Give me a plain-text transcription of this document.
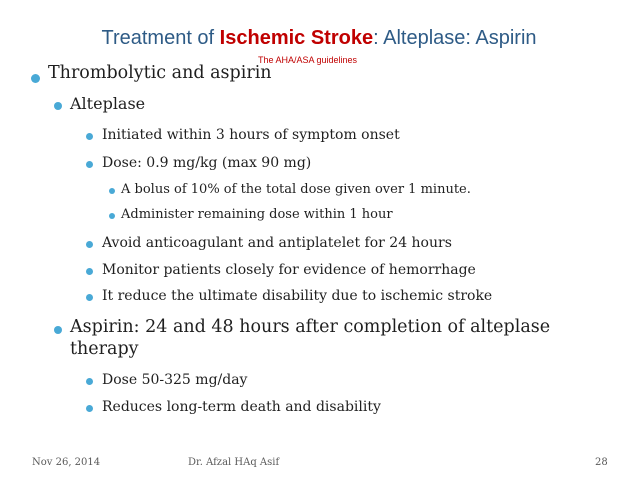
Treatment of Ischemic Stroke: Alteplase: Aspirin
The AHA/ASA guidelines
Thrombolytic and aspirin
Alteplase
Initiated within 3 hours of symptom onset
Dose: 0.9 mg/kg (max 90 mg)
A bolus of 10% of the total dose given over 1 minute.
Administer remaining dose within 1 hour
Avoid anticoagulant and antiplatelet for 24 hours
Monitor patients closely for evidence of hemorrhage
It reduce the ultimate disability due to ischemic stroke
Aspirin: 24 and 48 hours after completion of alteplase
therapy
Dose 50-325 mg/day
Reduces long-term death and disability
Nov 26, 2014	Dr. Afzal HAq Asif	28
